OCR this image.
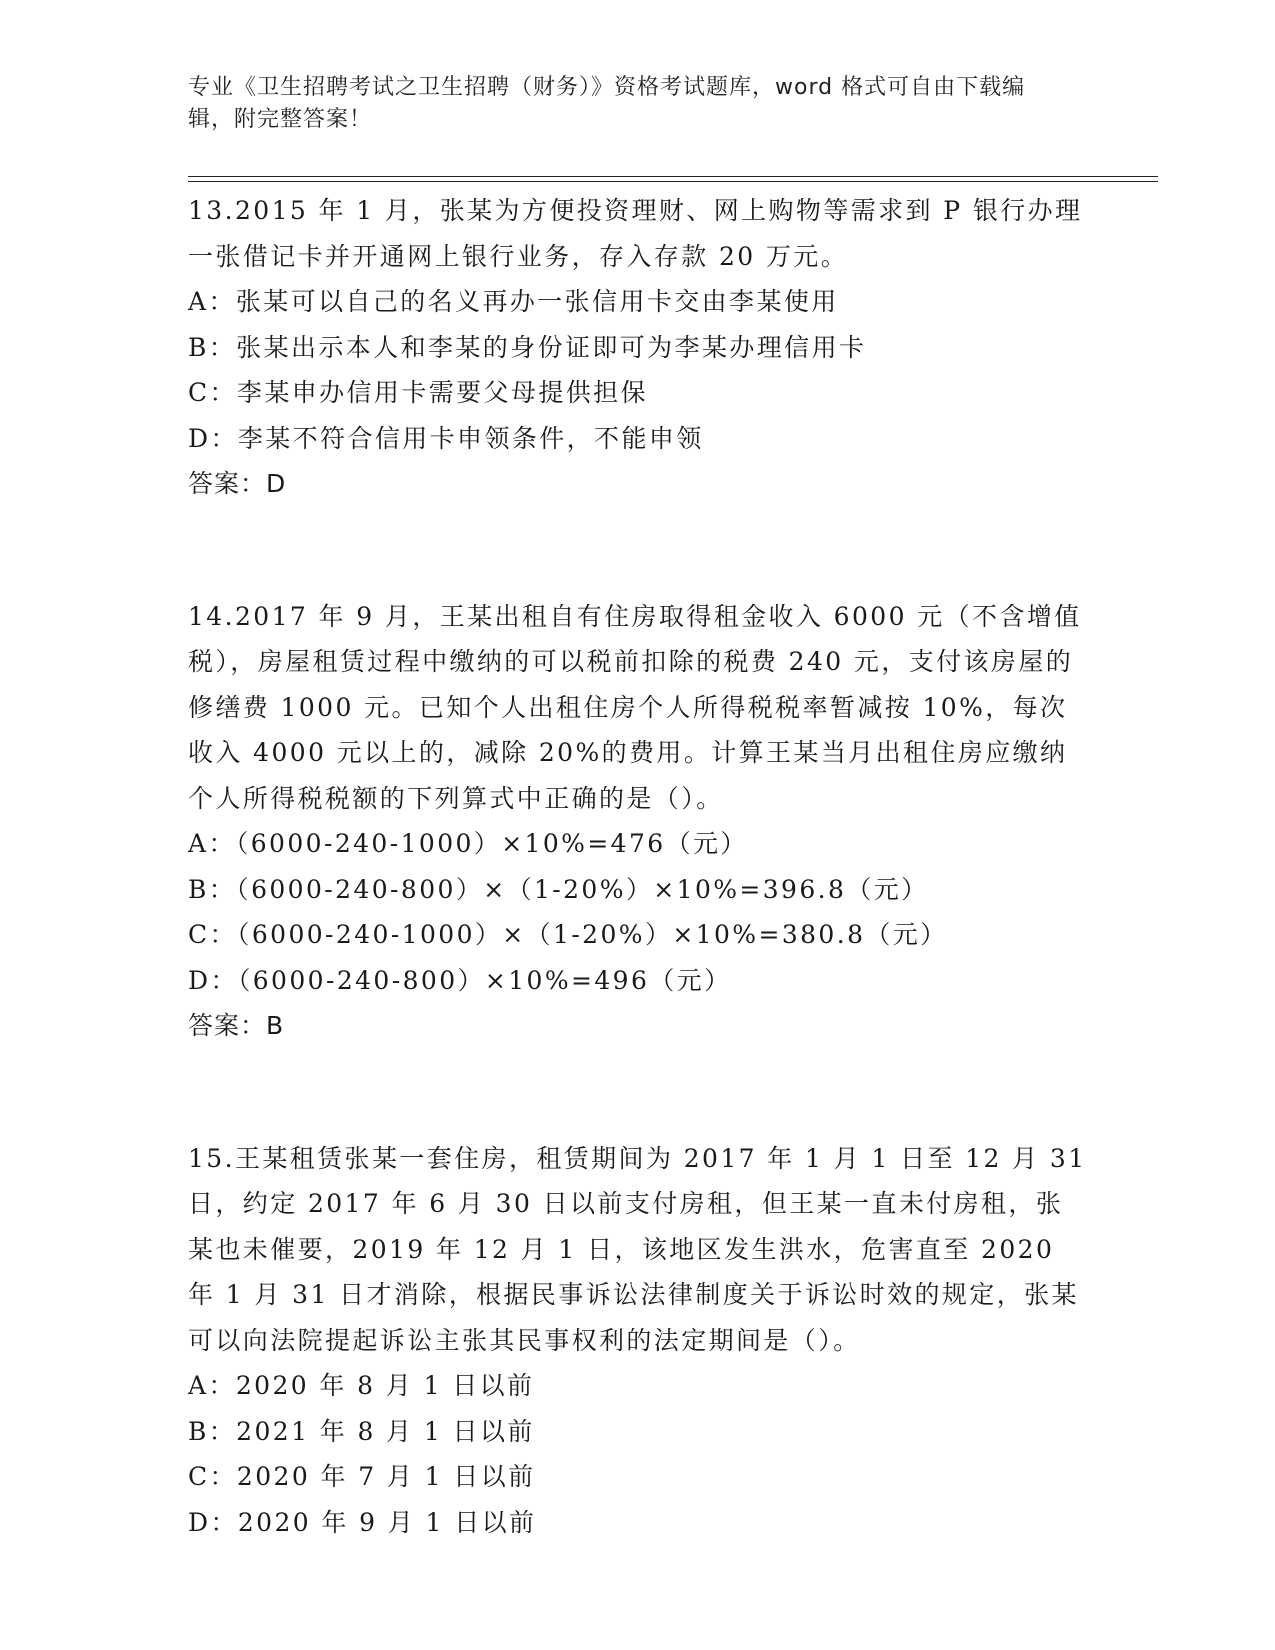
专业《卫生招聘考试之卫生招聘（财务）》资格考试题库，word 格式可自由下载编辑，附完整答案！

13.2015 年 1 月，张某为方便投资理财、网上购物等需求到 P 银行办理一张借记卡并开通网上银行业务，存入存款 20 万元。

A：张某可以自己的名义再办一张信用卡交由李某使用

B：张某出示本人和李某的身份证即可为李某办理信用卡

C：李某申办信用卡需要父母提供担保

D：李某不符合信用卡申领条件，不能申领

答案：D

14.2017 年 9 月，王某出租自有住房取得租金收入 6000 元（不含增值税），房屋租赁过程中缴纳的可以税前扣除的税费 240 元，支付该房屋的修缮费 1000 元。已知个人出租住房个人所得税税率暂减按 10%，每次收入 4000 元以上的，减除 20%的费用。计算王某当月出租住房应缴纳个人所得税税额的下列算式中正确的是（）。

A：（6000-240-1000）×10%=476（元）

B：（6000-240-800）×（1-20%）×10%=396.8（元）

C：（6000-240-1000）×（1-20%）×10%=380.8（元）

D：（6000-240-800）×10%=496（元）

答案：B

15.王某租赁张某一套住房，租赁期间为 2017 年 1 月 1 日至 12 月 31 日，约定 2017 年 6 月 30 日以前支付房租，但王某一直未付房租，张某也未催要，2019 年 12 月 1 日，该地区发生洪水，危害直至 2020 年 1 月 31 日才消除，根据民事诉讼法律制度关于诉讼时效的规定，张某可以向法院提起诉讼主张其民事权利的法定期间是（）。

A：2020 年 8 月 1 日以前

B：2021 年 8 月 1 日以前

C：2020 年 7 月 1 日以前

D：2020 年 9 月 1 日以前
